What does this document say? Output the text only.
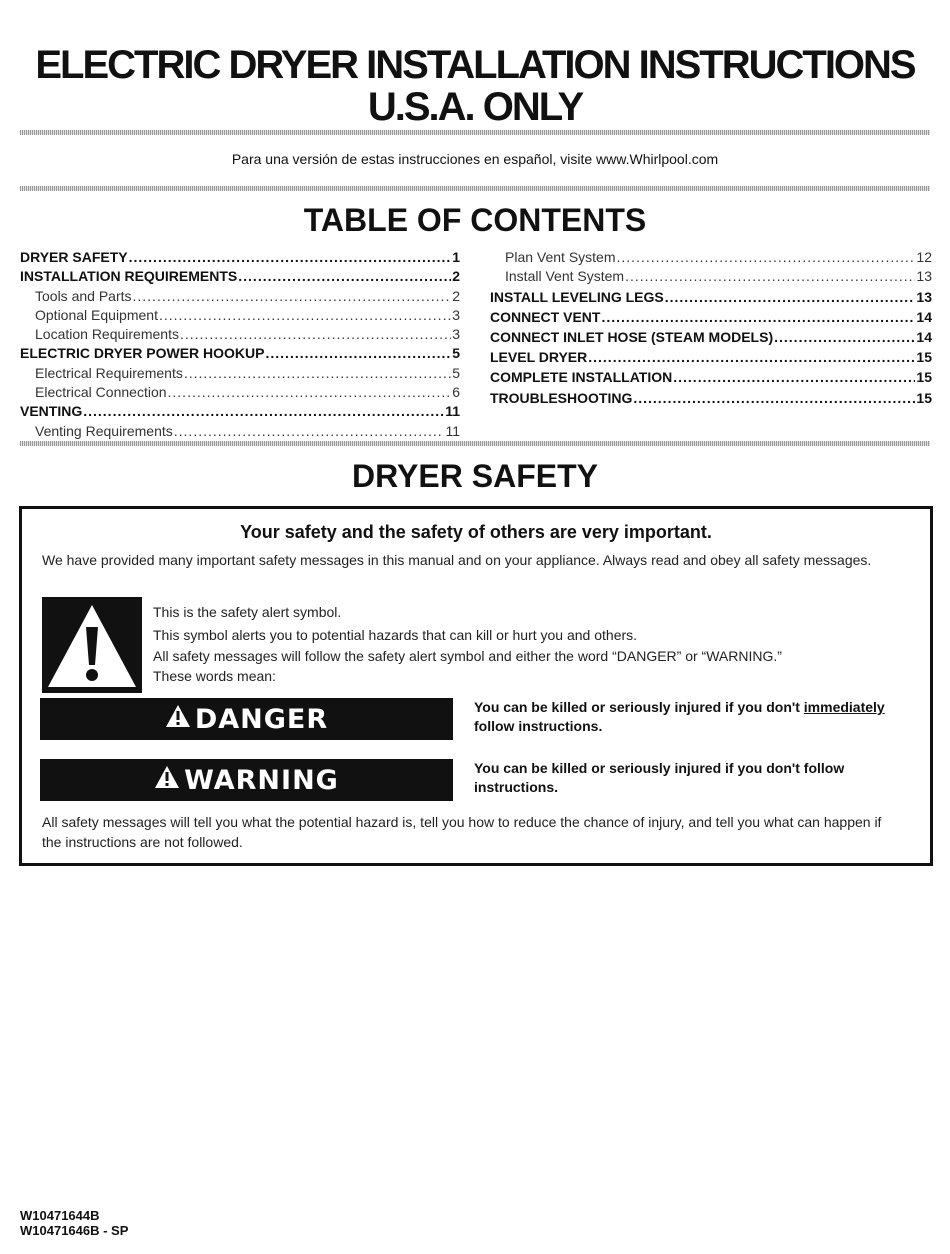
ELECTRIC DRYER INSTALLATION INSTRUCTIONS
U.S.A. ONLY
Para una versión de estas instrucciones en español, visite www.Whirlpool.com
TABLE OF CONTENTS
DRYER SAFETY .....	1
INSTALLATION REQUIREMENTS .....	2
Tools and Parts .....	2
Optional Equipment .....	3
Location Requirements .....	3
ELECTRIC DRYER POWER HOOKUP .....	5
Electrical Requirements .....	5
Electrical Connection .....	6
VENTING .....	11
Venting Requirements .....	11
Plan Vent System .....	12
Install Vent System .....	13
INSTALL LEVELING LEGS .....	13
CONNECT VENT .....	14
CONNECT INLET HOSE (STEAM MODELS) .....	14
LEVEL DRYER .....	15
COMPLETE INSTALLATION .....	15
TROUBLESHOOTING .....	15
DRYER SAFETY
Your safety and the safety of others are very important.
We have provided many important safety messages in this manual and on your appliance. Always read and obey all safety messages.
This is the safety alert symbol.
This symbol alerts you to potential hazards that can kill or hurt you and others.
All safety messages will follow the safety alert symbol and either the word “DANGER” or “WARNING.”
These words mean:
DANGER	You can be killed or seriously injured if you don't immediately
follow instructions.
WARNING	You can be killed or seriously injured if you don't follow instructions.
All safety messages will tell you what the potential hazard is, tell you how to reduce the chance of injury, and tell you what can happen if the instructions are not followed.
W10471644B
W10471646B - SP
